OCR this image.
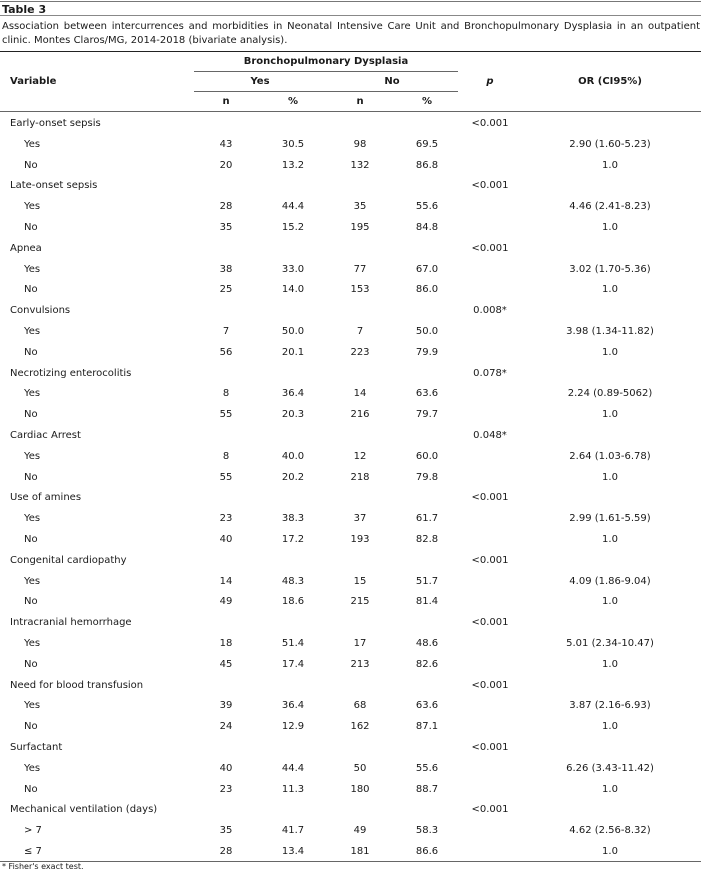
Table 3
Association between intercurrences and morbidities in Neonatal Intensive Care Unit and Bronchopulmonary Dysplasia in an outpatient clinic. Montes Claros/MG, 2014-2018 (bivariate analysis).
Variable
Bronchopulmonary Dysplasia
Yes	No	p	OR (CI95%)
n	%	n	%
Early-onset sepsis	<0.001
Yes	43	30.5	98	69.5	2.90 (1.60-5.23)
No	20	13.2	132	86.8	1.0
Late-onset sepsis	<0.001
Yes	28	44.4	35	55.6	4.46 (2.41-8.23)
No	35	15.2	195	84.8	1.0
Apnea	<0.001
Yes	38	33.0	77	67.0	3.02 (1.70-5.36)
No	25	14.0	153	86.0	1.0
Convulsions	0.008*
Yes	7	50.0	7	50.0	3.98 (1.34-11.82)
No	56	20.1	223	79.9	1.0
Necrotizing enterocolitis	0.078*
Yes	8	36.4	14	63.6	2.24 (0.89-5062)
No	55	20.3	216	79.7	1.0
Cardiac Arrest	0.048*
Yes	8	40.0	12	60.0	2.64 (1.03-6.78)
No	55	20.2	218	79.8	1.0
Use of amines	<0.001
Yes	23	38.3	37	61.7	2.99 (1.61-5.59)
No	40	17.2	193	82.8	1.0
Congenital cardiopathy	<0.001
Yes	14	48.3	15	51.7	4.09 (1.86-9.04)
No	49	18.6	215	81.4	1.0
Intracranial hemorrhage	<0.001
Yes	18	51.4	17	48.6	5.01 (2.34-10.47)
No	45	17.4	213	82.6	1.0
Need for blood transfusion	<0.001
Yes	39	36.4	68	63.6	3.87 (2.16-6.93)
No	24	12.9	162	87.1	1.0
Surfactant	<0.001
Yes	40	44.4	50	55.6	6.26 (3.43-11.42)
No	23	11.3	180	88.7	1.0
Mechanical ventilation (days)	<0.001
> 7	35	41.7	49	58.3	4.62 (2.56-8.32)
≤ 7	28	13.4	181	86.6	1.0
* Fisher's exact test.
